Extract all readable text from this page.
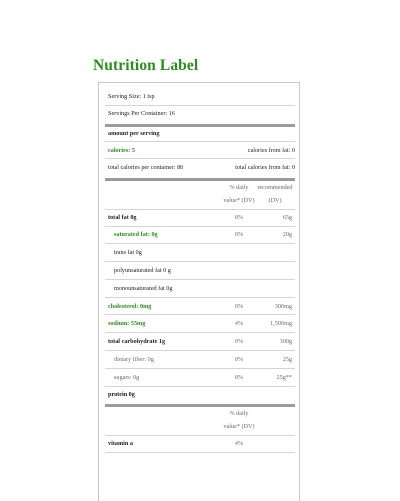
Nutrition Label
Serving Size: 1 tsp
Servings Per Container: 16
amount per serving
calories: 5	calories from fat: 0
total calories per container: 80	total calories from fat: 0
% daily	recommended
value* (DV)	(DV)
total fat 0g	0%	65g
saturated fat: 0g	0%	20g
trans fat 0g
polyunsaturated fat 0 g
monounsaturated fat 0g
cholesterol: 0mg	0%	300mg
sodium: 55mg	4%	1,500mg
total carbohydrate 1g	0%	300g
dietary fiber: 0g	0%	25g
sugars: 0g	0%	25g**
protein 0g
% daily
value* (DV)
vitamin a	4%
